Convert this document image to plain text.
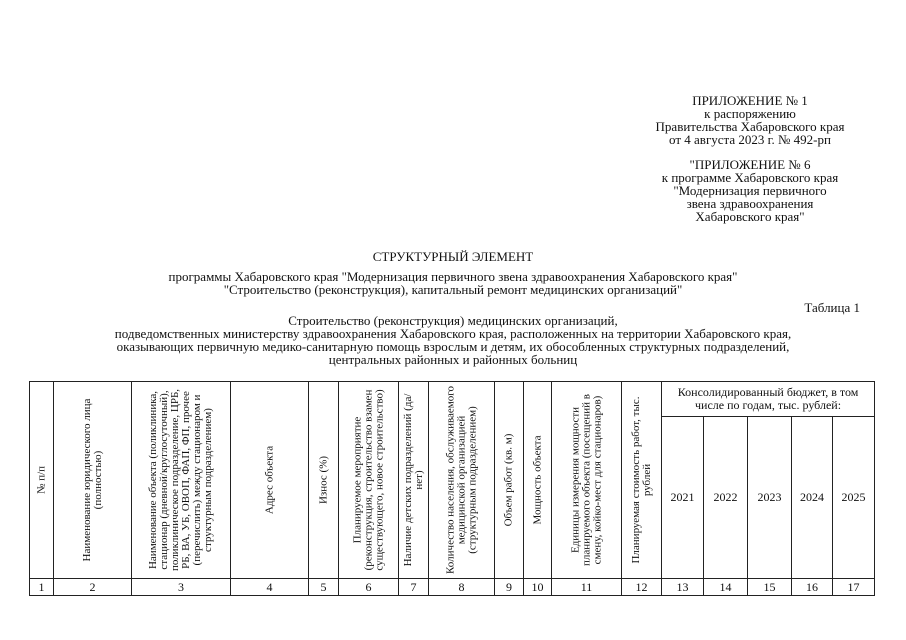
ПРИЛОЖЕНИЕ № 1
к распоряжению
Правительства Хабаровского края
от 4 августа 2023 г. № 492-рп
"ПРИЛОЖЕНИЕ № 6
к программе Хабаровского края
"Модернизация первичного
звена здравоохранения
Хабаровского края"
СТРУКТУРНЫЙ ЭЛЕМЕНТ
программы Хабаровского края "Модернизация первичного звена здравоохранения Хабаровского края"
"Строительство (реконструкция), капитальный ремонт медицинских организаций"
Таблица 1
Строительство (реконструкция) медицинских организаций,
подведомственных министерству здравоохранения Хабаровского края, расположенных на территории Хабаровского края,
оказывающих первичную медико-санитарную помощь взрослым и детям, их обособленных структурных подразделений,
центральных районных и районных больниц
№ п/п	Наименование юридического лица (полностью)	Наименование объекта (поликлиника, стационар (дневной/круглосуточный), поликлиническое подразделение, ЦРБ, РБ, ВА, УБ, ОВОП, ФАП, ФП, прочее (перечислить) между стационаром и структурным подразделением)	Адрес объекта	Износ (%)	Планируемое мероприятие (реконструкция, строительство взамен существующего, новое строительство)	Наличие детских подразделений (да/нет)	Количество населения, обслуживаемого медицинской организацией (структурным подразделением)	Объем работ (кв. м)	Мощность объекта	Единицы измерения мощности планируемого объекта (посещений в смену, койко-мест для стационаров)	Планируемая стоимость работ, тыс. рублей	Консолидированный бюджет, в том числе по годам, тыс. рублей:				
												2021	2022	2023	2024	2025
1	2	3	4	5	6	7	8	9	10	11	12	13	14	15	16	17
